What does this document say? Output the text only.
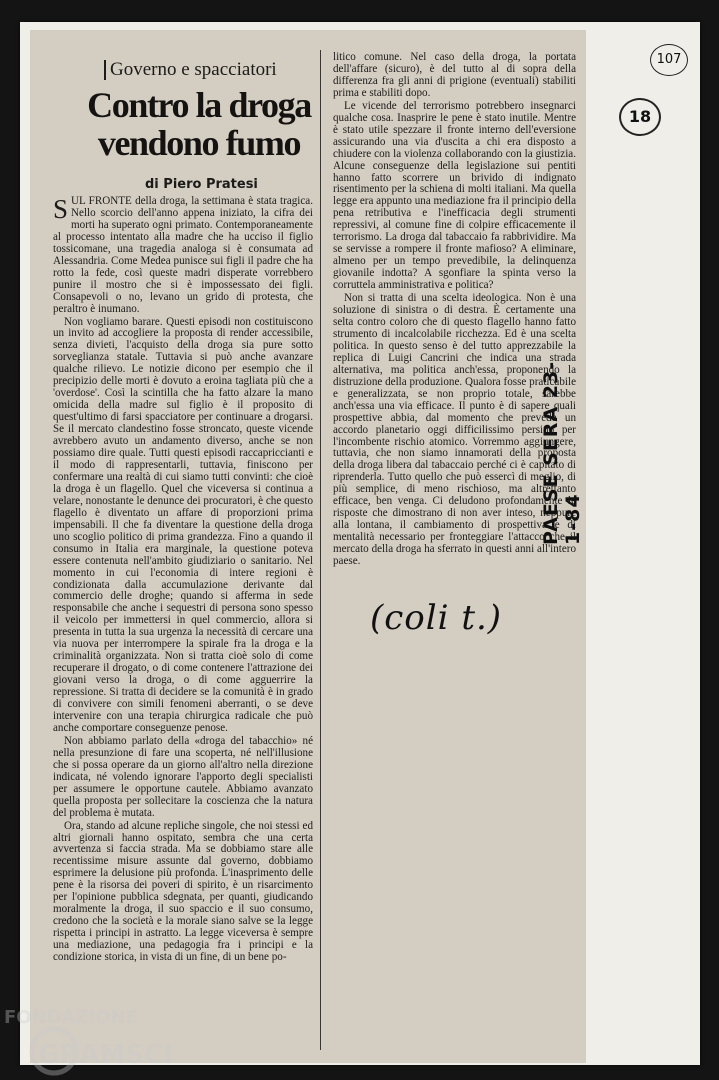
Governo e spacciatori
Contro la droga
vendono fumo
di Piero Pratesi

SUL FRONTE della droga, la settimana è stata tragica. Nello scorcio dell'anno appena iniziato, la cifra dei morti ha superato ogni primato. Contemporaneamente al processo intentato alla madre che ha ucciso il figlio tossicomane, una tragedia analoga si è consumata ad Alessandria. Come Medea punisce sui figli il padre che ha rotto la fede, così queste madri disperate vorrebbero punire il mostro che si è impossessato dei figli. Consapevoli o no, levano un grido di protesta, che peraltro è inumano.

Non vogliamo barare. Questi episodi non costituiscono un invito ad accogliere la proposta di render accessibile, senza divieti, l'acquisto della droga sia pure sotto sorveglianza statale. Tuttavia si può anche avanzare qualche rilievo. Le notizie dicono per esempio che il precipizio delle morti è dovuto a eroina tagliata più che a 'overdose'. Così la scintilla che ha fatto alzare la mano omicida della madre sul figlio è il proposito di quest'ultimo di farsi spacciatore per continuare a drogarsi. Se il mercato clandestino fosse stroncato, queste vicende avrebbero avuto un andamento diverso, anche se non possiamo dire quale. Tutti questi episodi raccapriccianti e il modo di rappresentarli, tuttavia, finiscono per confermare una realtà di cui siamo tutti convinti: che cioè la droga è un flagello. Quel che viceversa si continua a velare, nonostante le denunce dei procuratori, è che questo flagello è diventato un affare di proporzioni prima impensabili. Il che fa diventare la questione della droga uno scoglio politico di prima grandezza. Fino a quando il consumo in Italia era marginale, la questione poteva essere contenuta nell'ambito giudiziario o sanitario. Nel momento in cui l'economia di intere regioni è condizionata dalla accumulazione derivante dal commercio delle droghe; quando si afferma in sede responsabile che anche i sequestri di persona sono spesso il veicolo per immettersi in quel commercio, allora si presenta in tutta la sua urgenza la necessità di cercare una via nuova per interrompere la spirale fra la droga e la criminalità organizzata. Non si tratta cioè solo di come recuperare il drogato, o di come contenere l'attrazione dei giovani verso la droga, o di come agguerrire la repressione. Si tratta di decidere se la comunità è in grado di convivere con simili fenomeni aberranti, o se deve intervenire con una terapia chirurgica radicale che può anche comportare conseguenze penose.

Non abbiamo parlato della «droga del tabacchio» né nella presunzione di fare una scoperta, né nell'illusione che si possa operare da un giorno all'altro nella direzione indicata, né volendo ignorare l'apporto degli specialisti per assumere le opportune cautele. Abbiamo avanzato quella proposta per sollecitare la coscienza che la natura del problema è mutata.

Ora, stando ad alcune repliche singole, che noi stessi ed altri giornali hanno ospitato, sembra che una certa avvertenza si faccia strada. Ma se dobbiamo stare alle recentissime misure assunte dal governo, dobbiamo esprimere la delusione più profonda. L'inasprimento delle pene è la risorsa dei poveri di spirito, è un risarcimento per l'opinione pubblica sdegnata, per quanti, giudicando moralmente la droga, il suo spaccio e il suo consumo, credono che la società e la morale siano salve se la legge rispetta i principi in astratto. La legge viceversa è sempre una mediazione, una pedagogia fra i principi e la condizione storica, in vista di un fine, di un bene po-

litico comune. Nel caso della droga, la portata dell'affare (sicuro), è del tutto al di sopra della differenza fra gli anni di prigione (eventuali) stabiliti prima e stabiliti dopo.

Le vicende del terrorismo potrebbero insegnarci qualche cosa. Inasprire le pene è stato inutile. Mentre è stato utile spezzare il fronte interno dell'eversione assicurando una via d'uscita a chi era disposto a chiudere con la violenza collaborando con la giustizia. Alcune conseguenze della legislazione sui pentiti hanno fatto scorrere un brivido di indignato risentimento per la schiena di molti italiani. Ma quella legge era appunto una mediazione fra il principio della pena retributiva e l'inefficacia degli strumenti repressivi, al comune fine di colpire efficacemente il terrorismo. La droga dal tabaccaio fa rabbrividire. Ma se servisse a rompere il fronte mafioso? A eliminare, almeno per un tempo prevedibile, la delinquenza giovanile indotta? A sgonfiare la spinta verso la corruttela amministrativa e politica?

Non si tratta di una scelta ideologica. Non è una soluzione di sinistra o di destra. È certamente una selta contro coloro che di questo flagello hanno fatto strumento di incalcolabile ricchezza. Ed è una scelta politica. In questo senso è del tutto apprezzabile la replica di Luigi Cancrini che indica una strada alternativa, ma politica anch'essa, proponendo la distruzione della produzione. Qualora fosse praticabile e generalizzata, se non proprio totale, sarebbe anch'essa una via efficace. Il punto è di sapere quali prospettive abbia, dal momento che prevede un accordo planetario oggi difficilissimo persino per l'incombente rischio atomico. Vorremmo aggiungere, tuttavia, che non siamo innamorati della proposta della droga libera dal tabaccaio perché ci è capitato di riprenderla. Tutto quello che può essercì di meglio, di più semplice, di meno rischioso, ma altrettanto efficace, ben venga. Ci deludono profondamente le risposte che dimostrano di non aver inteso, neppure alla lontana, il cambiamento di prospettiva e di mentalità necessario per fronteggiare l'attacco che il mercato della droga ha sferrato in questi anni all'intero paese.

(coli t.)
PAESE SERA 23-1-84
107
18
FONDAZIONE
GRAMSCI
